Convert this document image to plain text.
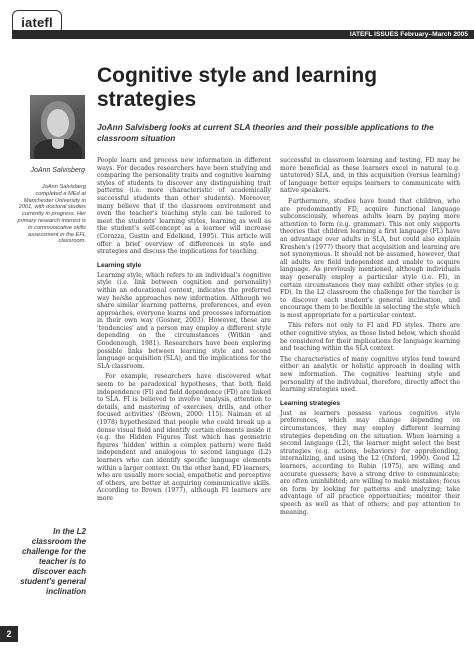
iatefl
IATEFL ISSUES February–March 2005
JoAnn Salvisberg
JoAnn Salvisberg completed a MEd at Manchester University in 2001, with doctoral studies currently in progress. Her primary research interest is in communicative skills assessment in the EFL classroom.
Cognitive style and learning strategies

JoAnn Salvisberg looks at current SLA theories and their possible applications to the classroom situation

People learn and process new information in different ways. For decades researchers have been studying and comparing the personality traits and cognitive learning styles of students to discover any distinguishing trait patterns (i.e. more characteristic of academically successful students than other students). Moreover, many believe that if the classroom environment and even the teacher's teaching style can be tailored to meet the students' learning styles, learning as well as the student's self-concept as a learner will increase (Corazza, Gustin and Edelkind, 1995). This article will offer a brief overview of differences in style and strategies and discuss the implications for teaching.

Learning style

Learning style, which refers to an individual's cognitive style (i.e. link between cognition and personality) within an educational context, indicates the preferred way he/she approaches new information. Although we share similar learning patterns, preferences, and even approaches, everyone learns and processes information in their own way (Gosner, 2003). However, these are 'tendencies' and a person may employ a different style depending on the circumstances (Witkin and Goodenough, 1981). Researchers have been exploring possible links between learning style and second language acquisition (SLA), and the implications for the SLA classroom.

For example, researchers have discovered what seem to be paradoxical hypotheses, that both field independence (FI) and field dependence (FD) are linked to SLA. FI is believed to involve 'analysis, attention to details, and mastering of exercises, drills, and other focused activities' (Brown, 2000: 115). Naiman et al (1978) hypothesized that people who could break up a dense visual field and identify certain elements inside it (e.g. the Hidden Figures Test which has geometric figures 'hidden' within a complex pattern) were field independent and analogous to second language (L2) learners who can identify specific language elements within a larger context. On the other hand, FD learners, who are usually more social, empathetic and perceptive of others, are better at acquiring communicative skills. According to Brown (1977), although FI learners are more

successful in classroom learning and testing, FD may be more beneficial as these learners excel in natural (e.g. untutored) SLA, and, in this acquisition (versus learning) of language better equips learners to communicate with native speakers.

Furthermore, studies have found that children, who are predominantly FD, acquire functional language subconsciously, whereas adults learn by paying more attention to form (e.g. grammar). This not only supports theories that children learning a first language (FL) have an advantage over adults in SLA, but could also explain Krashen's (1977) theory that acquisition and learning are not synonymous. It should not be assumed, however, that all adults are field independent and unable to acquire language. As previously mentioned, although individuals may generally employ a particular style (i.e. FI), in certain circumstances they may exhibit other styles (e.g. FD). In the L2 classroom the challenge for the teacher is to discover each student's general inclination, and encourage them to be flexible in selecting the style which is most appropriate for a particular context.

This refers not only to FI and FD styles. There are other cognitive styles, as those listed below, which should be considered for their implications for language learning and teaching within the SLA context.

The characteristics of many cognitive styles tend toward either an analytic or holistic approach in dealing with new information. The cognitive learning style and personality of the individual, therefore, directly affect the learning strategies used.

Learning strategies

Just as learners possess various cognitive style preferences, which may change depending on circumstances, they may employ different learning strategies depending on the situation. When learning a second language (L2), the learner might select the best strategies (e.g. actions, behaviors) for apprehending, internalizing, and using the L2 (Oxford, 1990). Good L2 learners, according to Rubin (1975), are willing and accurate guessers; have a strong drive to communicate; are often uninhibited; are willing to make mistakes; focus on form by looking for patterns and analyzing; take advantage of all practice opportunities; monitor their speech as well as that of others; and pay attention to meaning.

In the L2 classroom the challenge for the teacher is to discover each student's general inclination
2
